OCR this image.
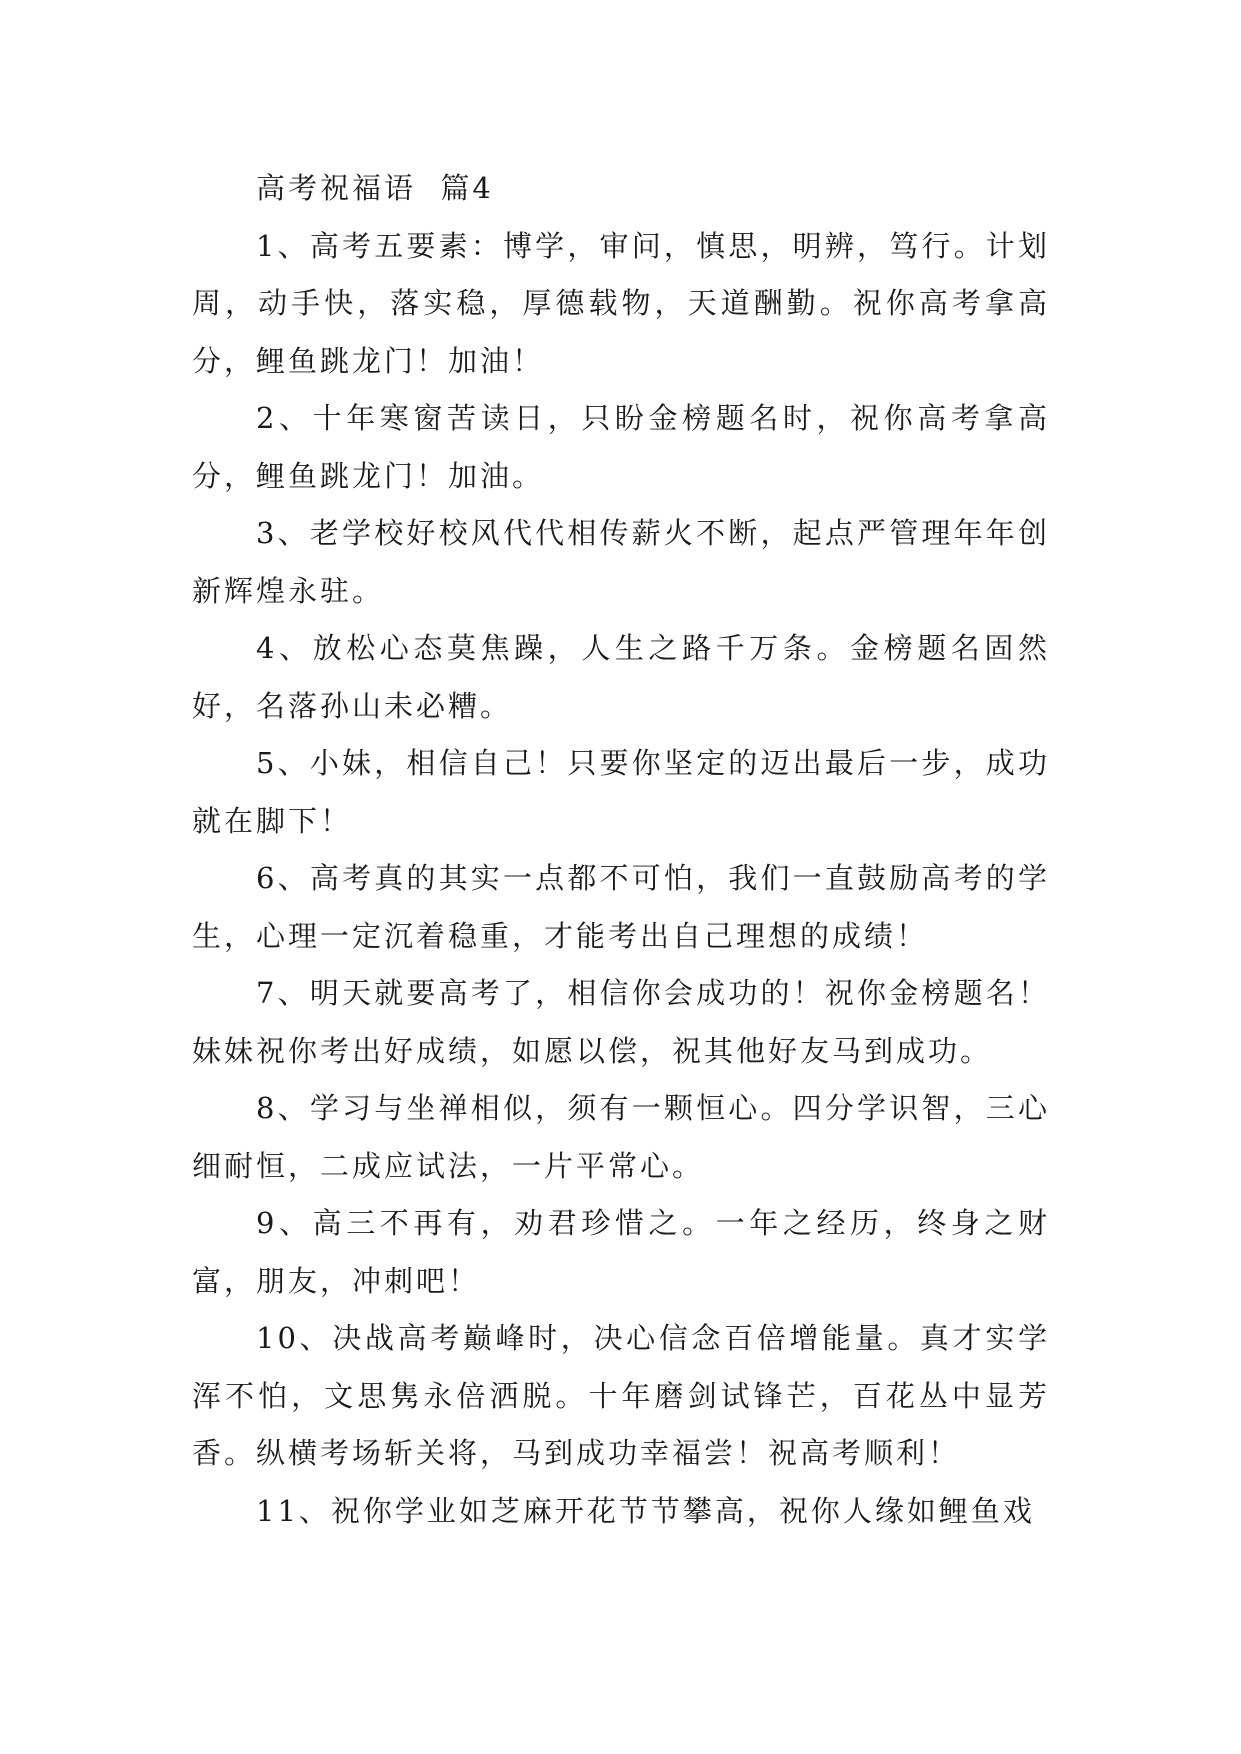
高考祝福语  篇4

1、高考五要素：博学，审问，慎思，明辨，笃行。计划周，动手快，落实稳，厚德载物，天道酬勤。祝你高考拿高分，鲤鱼跳龙门！加油！

2、十年寒窗苦读日，只盼金榜题名时，祝你高考拿高分，鲤鱼跳龙门！加油。

3、老学校好校风代代相传薪火不断，起点严管理年年创新辉煌永驻。

4、放松心态莫焦躁，人生之路千万条。金榜题名固然好，名落孙山未必糟。

5、小妹，相信自己！只要你坚定的迈出最后一步，成功就在脚下！

6、高考真的其实一点都不可怕，我们一直鼓励高考的学生，心理一定沉着稳重，才能考出自己理想的成绩！

7、明天就要高考了，相信你会成功的！祝你金榜题名！妹妹祝你考出好成绩，如愿以偿，祝其他好友马到成功。

8、学习与坐禅相似，须有一颗恒心。四分学识智，三心细耐恒，二成应试法，一片平常心。

9、高三不再有，劝君珍惜之。一年之经历，终身之财富，朋友，冲刺吧！

10、决战高考巅峰时，决心信念百倍增能量。真才实学浑不怕，文思隽永倍洒脱。十年磨剑试锋芒，百花丛中显芳香。纵横考场斩关将，马到成功幸福尝！祝高考顺利！

11、祝你学业如芝麻开花节节攀高，祝你人缘如鲤鱼戏
